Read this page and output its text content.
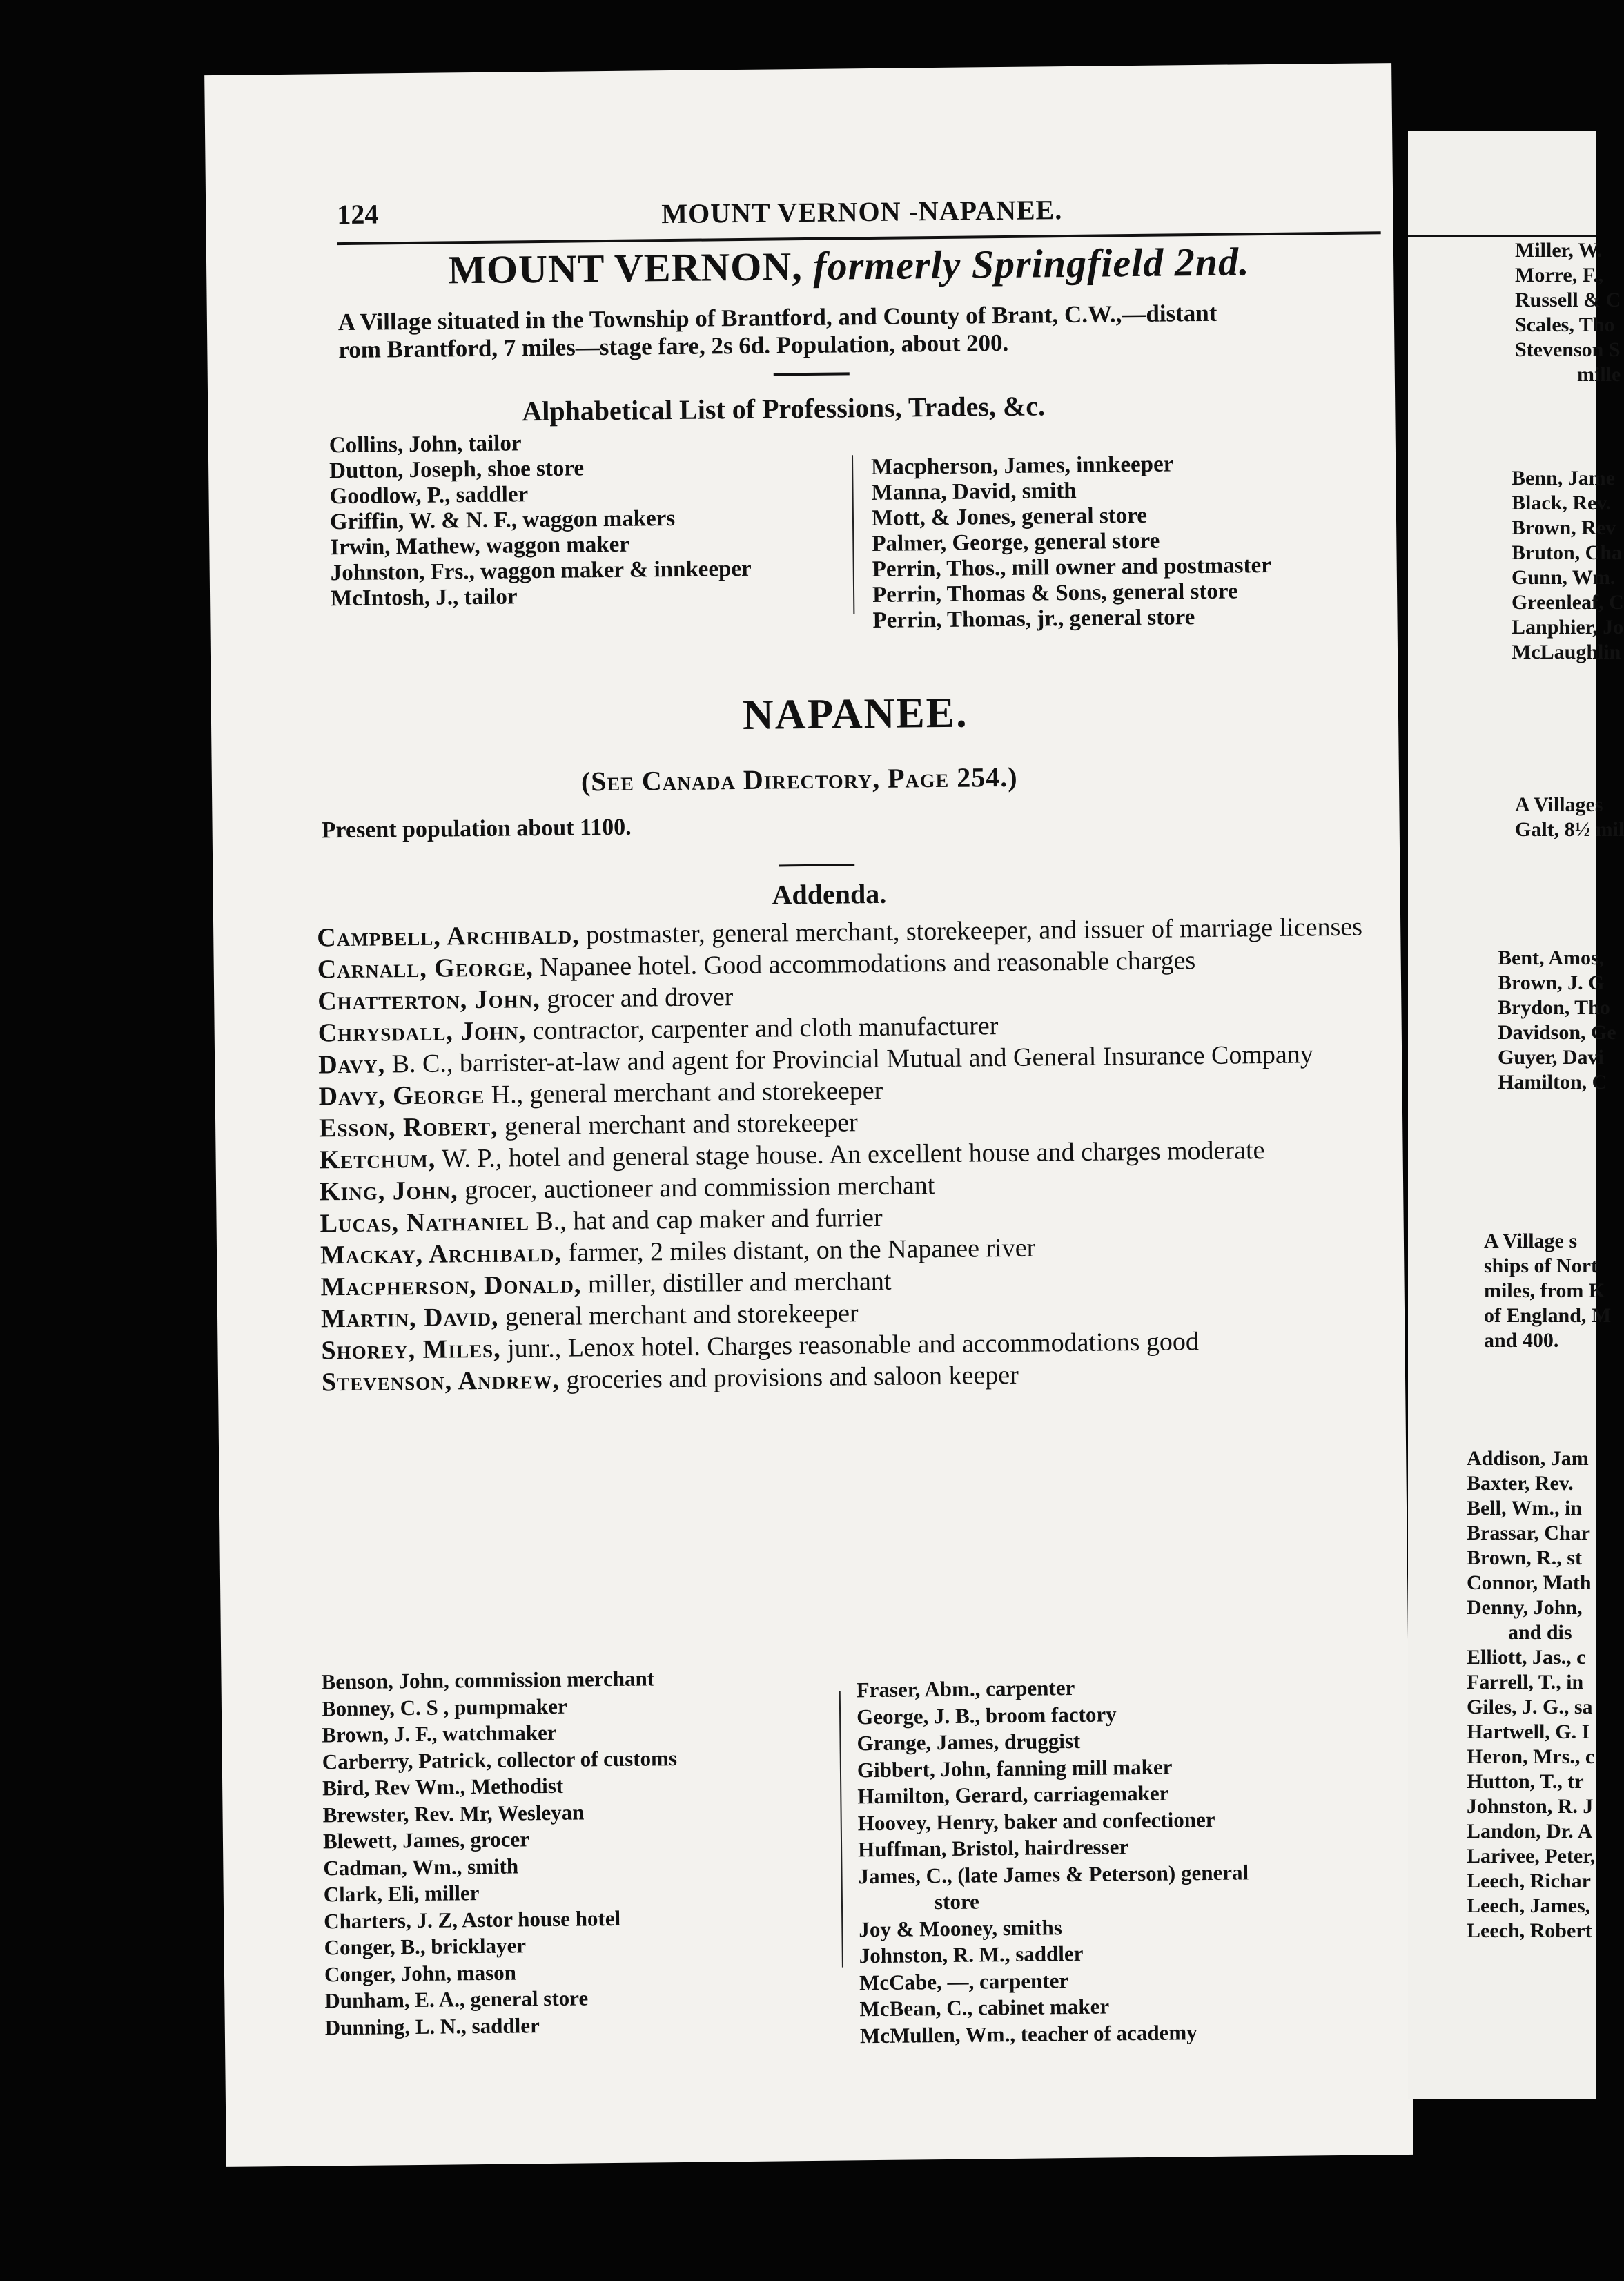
124	MOUNT VERNON -NAPANEE.
MOUNT VERNON, formerly Springfield 2nd.
A Village situated in the Township of Brantford, and County of Brant, C.W.,—distant
rom Brantford, 7 miles—stage fare, 2s 6d. Population, about 200.
Alphabetical List of Professions, Trades, &c.
Collins, John, tailor
Dutton, Joseph, shoe store
Goodlow, P., saddler
Griffin, W. & N. F., waggon makers
Irwin, Mathew, waggon maker
Johnston, Frs., waggon maker & innkeeper
McIntosh, J., tailor
Macpherson, James, innkeeper
Manna, David, smith
Mott, & Jones, general store
Palmer, George, general store
Perrin, Thos., mill owner and postmaster
Perrin, Thomas & Sons, general store
Perrin, Thomas, jr., general store
NAPANEE.
(See Canada Directory, Page 254.)
Present population about 1100.
Addenda.

Campbell, Archibald, postmaster, general merchant, storekeeper, and issuer of marriage licenses

Carnall, George, Napanee hotel. Good accommodations and reasonable charges

Chatterton, John, grocer and drover

Chrysdall, John, contractor, carpenter and cloth manufacturer

Davy, B. C., barrister-at-law and agent for Provincial Mutual and General Insurance Company

Davy, George H., general merchant and storekeeper

Esson, Robert, general merchant and storekeeper

Ketchum, W. P., hotel and general stage house. An excellent house and charges moderate

King, John, grocer, auctioneer and commission merchant

Lucas, Nathaniel B., hat and cap maker and furrier

Mackay, Archibald, farmer, 2 miles distant, on the Napanee river

Macpherson, Donald, miller, distiller and merchant

Martin, David, general merchant and storekeeper

Shorey, Miles, junr., Lenox hotel. Charges reasonable and accommodations good

Stevenson, Andrew, groceries and provisions and saloon keeper

Benson, John, commission merchant
Bonney, C. S , pumpmaker
Brown, J. F., watchmaker
Carberry, Patrick, collector of customs
Bird, Rev Wm., Methodist
Brewster, Rev. Mr, Wesleyan
Blewett, James, grocer
Cadman, Wm., smith
Clark, Eli, miller
Charters, J. Z, Astor house hotel
Conger, B., bricklayer
Conger, John, mason
Dunham, E. A., general store
Dunning, L. N., saddler
Fraser, Abm., carpenter
George, J. B., broom factory
Grange, James, druggist
Gibbert, John, fanning mill maker
Hamilton, Gerard, carriagemaker
Hoovey, Henry, baker and confectioner
Huffman, Bristol, hairdresser
James, C., (late James & Peterson) general
store
Joy & Mooney, smiths
Johnston, R. M., saddler
McCabe, —, carpenter
McBean, C., cabinet maker
McMullen, Wm., teacher of academy
Miller, W.
Morre, F.,
Russell & C
Scales, Tho
Stevenson S
mille
Benn, Jame
Black, Rev.
Brown, Rev
Bruton, Cha
Gunn, Wm.
Greenleaf, C
Lanphier, Jo
McLaughlin
A Villages
Galt, 8½ mil
Bent, Amos,
Brown, J. G
Brydon, Tho
Davidson, Ge
Guyer, Davi
Hamilton, C
A Village s
ships of Nort
miles, from K
of England, M
and 400.
Addison, Jam
Baxter, Rev.
Bell, Wm., in
Brassar, Char
Brown, R., st
Connor, Math
Denny, John,
and dis
Elliott, Jas., c
Farrell, T., in
Giles, J. G., sa
Hartwell, G. I
Heron, Mrs., c
Hutton, T., tr
Johnston, R. J
Landon, Dr. A
Larivee, Peter,
Leech, Richar
Leech, James,
Leech, Robert
